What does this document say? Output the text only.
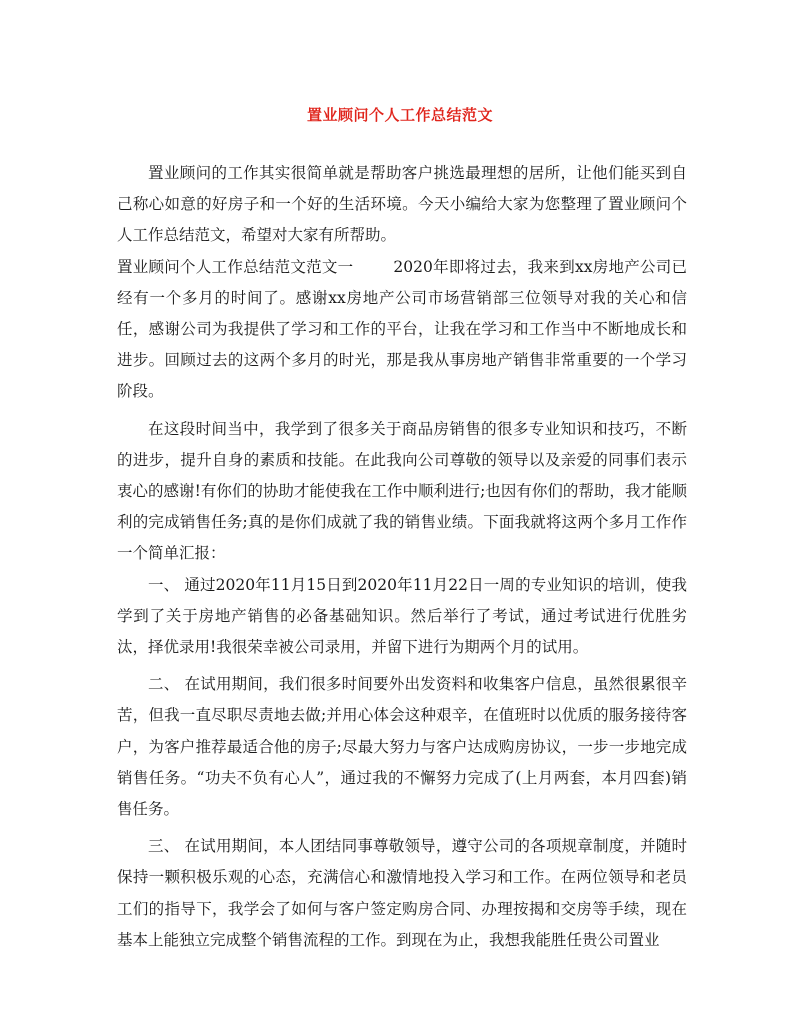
置业顾问个人工作总结范文

置业顾问的工作其实很简单就是帮助客户挑选最理想的居所，让他们能买到自己称心如意的好房子和一个好的生活环境。今天小编给大家为您整理了置业顾问个人工作总结范文，希望对大家有所帮助。

置业顾问个人工作总结范文范文一	2020年即将过去，我来到xx房地产公司已经有一个多月的时间了。感谢xx房地产公司市场营销部三位领导对我的关心和信任，感谢公司为我提供了学习和工作的平台，让我在学习和工作当中不断地成长和进步。回顾过去的这两个多月的时光，那是我从事房地产销售非常重要的一个学习阶段。

在这段时间当中，我学到了很多关于商品房销售的很多专业知识和技巧，不断的进步，提升自身的素质和技能。在此我向公司尊敬的领导以及亲爱的同事们表示衷心的感谢!有你们的协助才能使我在工作中顺利进行;也因有你们的帮助，我才能顺利的完成销售任务;真的是你们成就了我的销售业绩。下面我就将这两个多月工作作一个简单汇报：

一、 通过2020年11月15日到2020年11月22日一周的专业知识的培训，使我学到了关于房地产销售的必备基础知识。然后举行了考试，通过考试进行优胜劣汰，择优录用!我很荣幸被公司录用，并留下进行为期两个月的试用。

二、 在试用期间，我们很多时间要外出发资料和收集客户信息，虽然很累很辛苦，但我一直尽职尽责地去做;并用心体会这种艰辛，在值班时以优质的服务接待客户，为客户推荐最适合他的房子;尽最大努力与客户达成购房协议，一步一步地完成销售任务。“功夫不负有心人”，通过我的不懈努力完成了(上月两套，本月四套)销售任务。

三、 在试用期间，本人团结同事尊敬领导，遵守公司的各项规章制度，并随时保持一颗积极乐观的心态，充满信心和激情地投入学习和工作。在两位领导和老员工们的指导下，我学会了如何与客户签定购房合同、办理按揭和交房等手续，现在基本上能独立完成整个销售流程的工作。到现在为止，我想我能胜任贵公司置业
